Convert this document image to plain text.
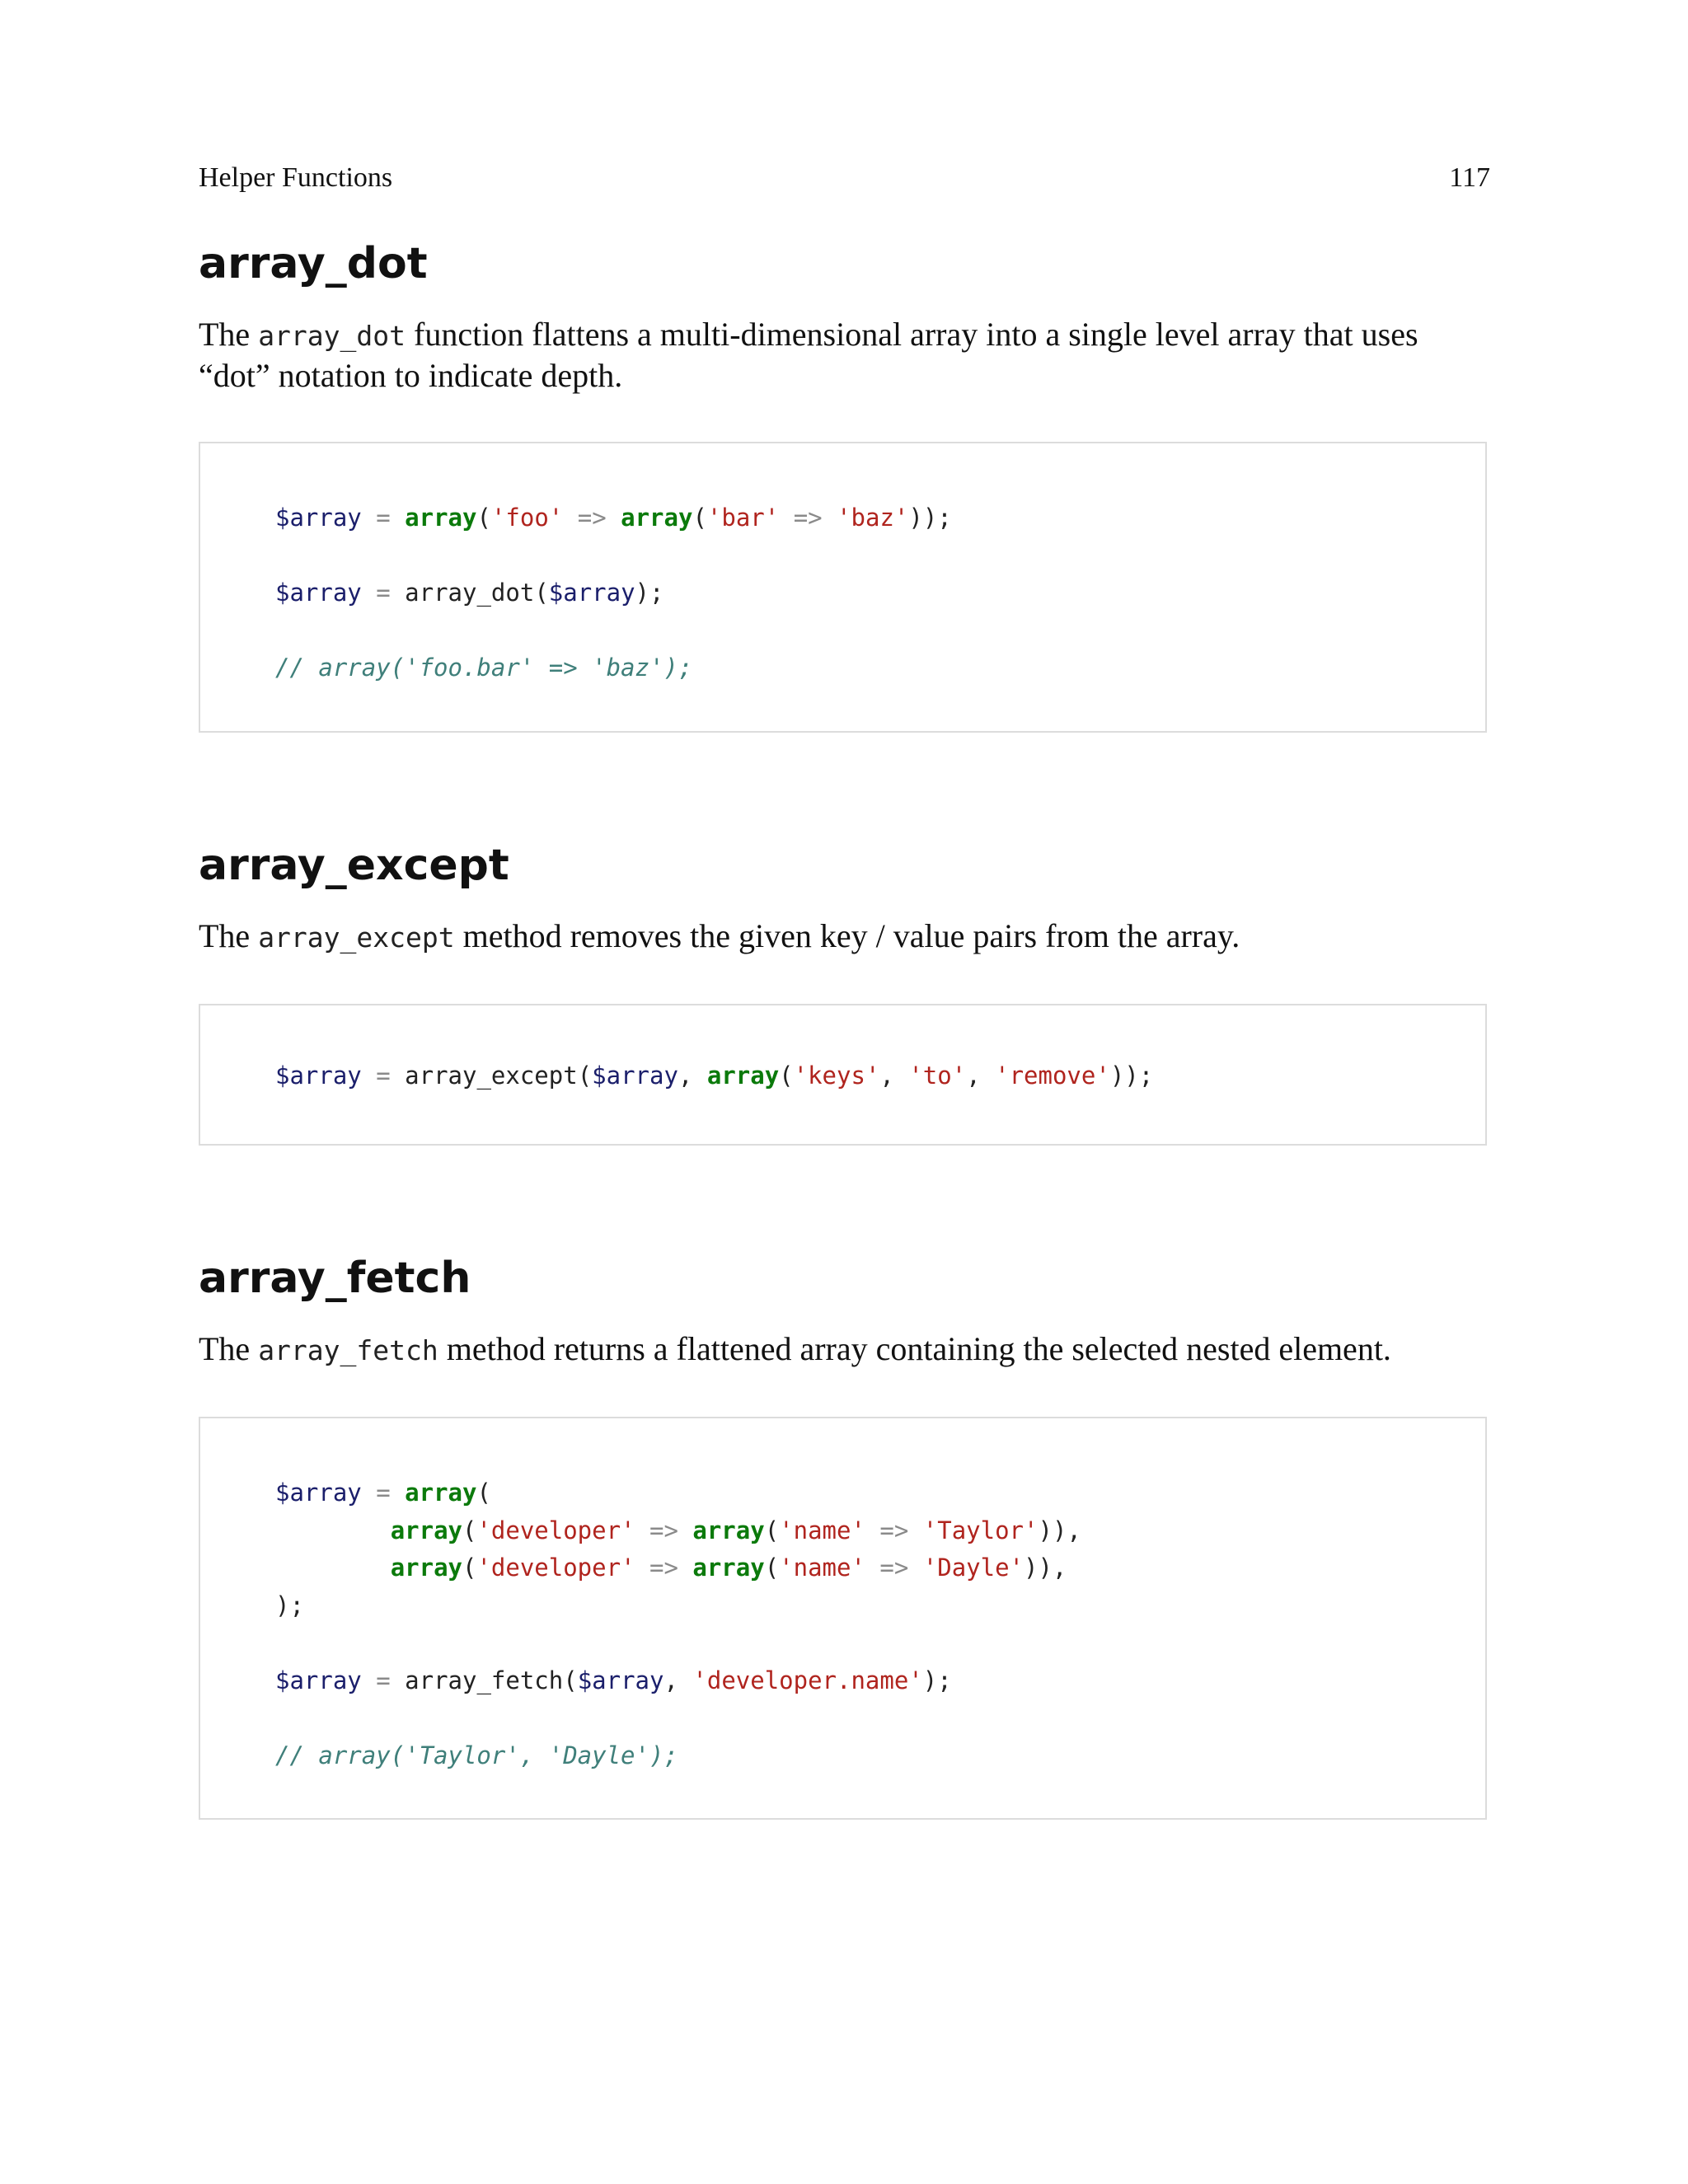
Helper Functions	117
array_dot

The array_dot function flattens a multi-dimensional array into a single level array that uses “dot” notation to indicate depth.

$array = array('foo' => array('bar' => 'baz'));

$array = array_dot($array);

// array('foo.bar' => 'baz');
array_except

The array_except method removes the given key / value pairs from the array.

$array = array_except($array, array('keys', 'to', 'remove'));
array_fetch

The array_fetch method returns a flattened array containing the selected nested element.

$array = array(
array('developer' => array('name' => 'Taylor')),
array('developer' => array('name' => 'Dayle')),
);

$array = array_fetch($array, 'developer.name');

// array('Taylor', 'Dayle');
